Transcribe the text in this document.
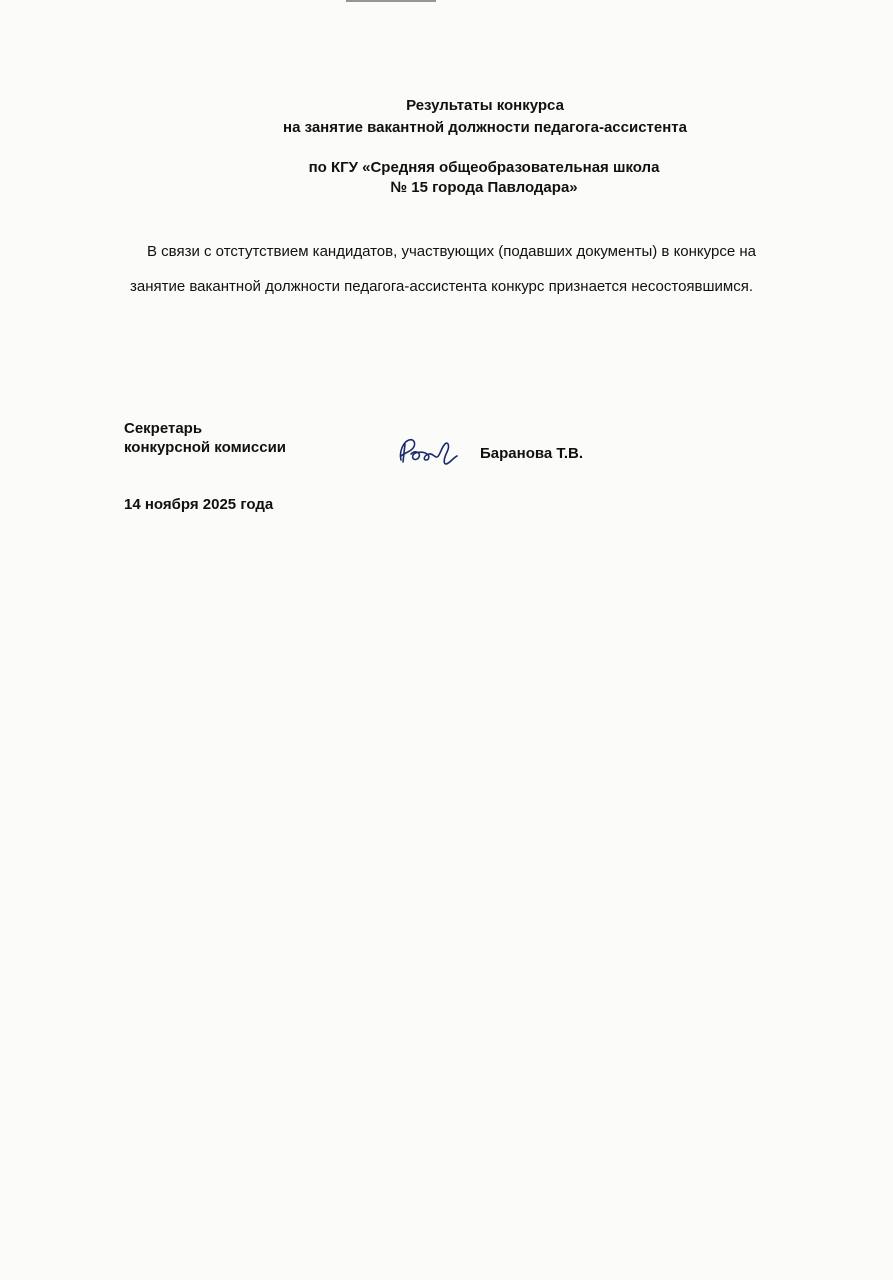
Результаты конкурса
на занятие вакантной должности педагога-ассистента
по КГУ «Средняя общеобразовательная школа
№ 15 города Павлодара»
В связи с отстутствием кандидатов, участвующих (подавших документы) в конкурсе на
занятие вакантной должности педагога-ассистента конкурс признается несостоявшимся.
Секретарь
конкурсной комиссии	Баранова Т.В.
14 ноября 2025 года
